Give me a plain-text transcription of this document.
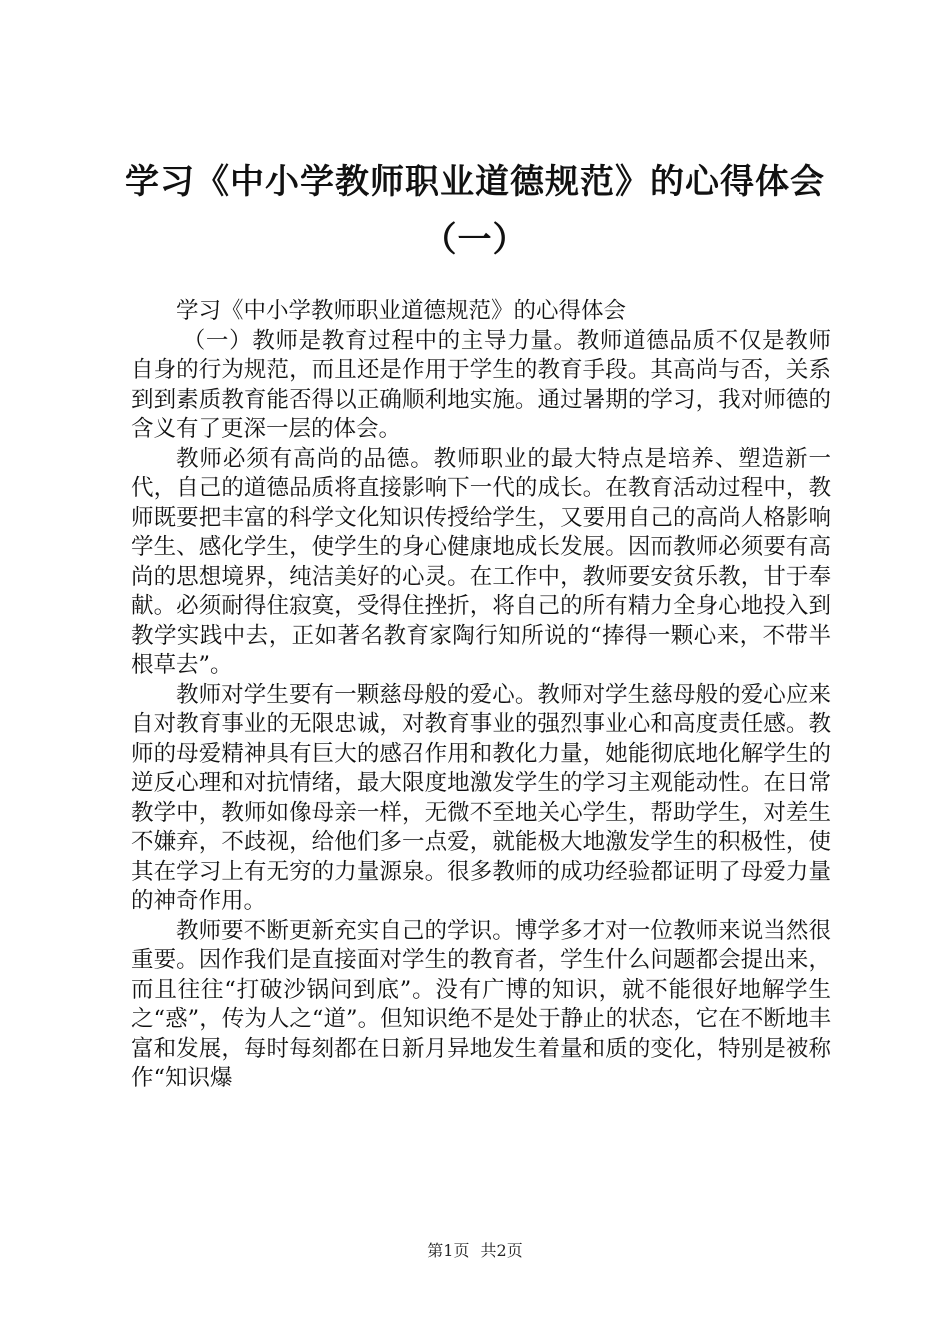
学习《中小学教师职业道德规范》的心得体会
（一）

学习《中小学教师职业道德规范》的心得体会

（一）教师是教育过程中的主导力量。教师道德品质不仅是教师自身的行为规范，而且还是作用于学生的教育手段。其高尚与否，关系到到素质教育能否得以正确顺利地实施。通过暑期的学习，我对师德的含义有了更深一层的体会。

教师必须有高尚的品德。教师职业的最大特点是培养、塑造新一代，自己的道德品质将直接影响下一代的成长。在教育活动过程中，教师既要把丰富的科学文化知识传授给学生，又要用自己的高尚人格影响学生、感化学生，使学生的身心健康地成长发展。因而教师必须要有高尚的思想境界，纯洁美好的心灵。在工作中，教师要安贫乐教，甘于奉献。必须耐得住寂寞，受得住挫折，将自己的所有精力全身心地投入到教学实践中去，正如著名教育家陶行知所说的“捧得一颗心来，不带半根草去”。

教师对学生要有一颗慈母般的爱心。教师对学生慈母般的爱心应来自对教育事业的无限忠诚，对教育事业的强烈事业心和高度责任感。教师的母爱精神具有巨大的感召作用和教化力量，她能彻底地化解学生的逆反心理和对抗情绪，最大限度地激发学生的学习主观能动性。在日常教学中，教师如像母亲一样，无微不至地关心学生，帮助学生，对差生不嫌弃，不歧视，给他们多一点爱，就能极大地激发学生的积极性，使其在学习上有无穷的力量源泉。很多教师的成功经验都证明了母爱力量的神奇作用。

教师要不断更新充实自己的学识。博学多才对一位教师来说当然很重要。因作我们是直接面对学生的教育者，学生什么问题都会提出来，而且往往“打破沙锅问到底”。没有广博的知识，就不能很好地解学生之“惑”，传为人之“道”。但知识绝不是处于静止的状态，它在不断地丰富和发展，每时每刻都在日新月异地发生着量和质的变化，特别是被称作“知识爆

第1页 共2页
